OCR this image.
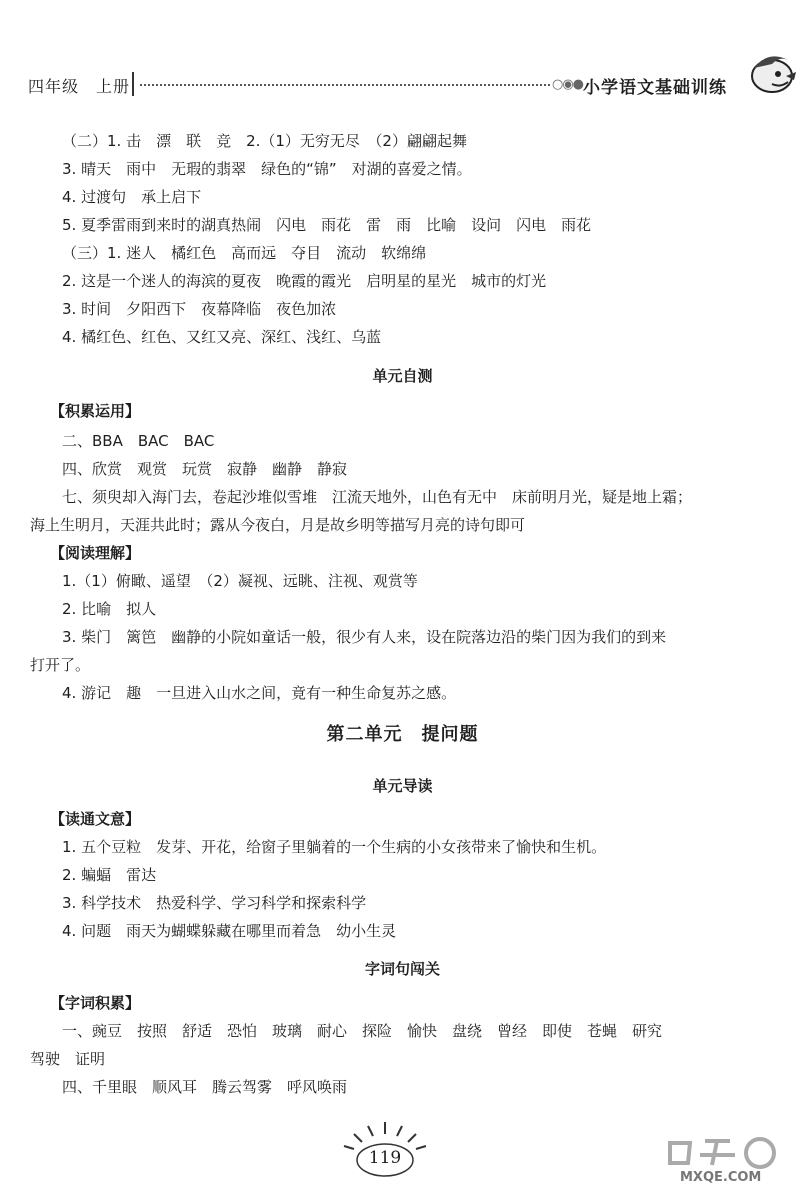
四年级　上册	○◉● 小学语文基础训练
（二）1. 击　漂　联　竞　2.（1）无穷无尽　（2）翩翩起舞
3. 晴天　雨中　无瑕的翡翠　绿色的“锦”　对湖的喜爱之情。
4. 过渡句　承上启下
5. 夏季雷雨到来时的湖真热闹　闪电　雨花　雷　雨　比喻　设问　闪电　雨花
（三）1. 迷人　橘红色　高而远　夺目　流动　软绵绵
2. 这是一个迷人的海滨的夏夜　晚霞的霞光　启明星的星光　城市的灯光
3. 时间　夕阳西下　夜幕降临　夜色加浓
4. 橘红色、红色、又红又亮、深红、浅红、乌蓝
单元自测
【积累运用】
二、BBA　BAC　BAC
四、欣赏　观赏　玩赏　寂静　幽静　静寂
七、须臾却入海门去，卷起沙堆似雪堆　江流天地外，山色有无中　床前明月光，疑是地上霜；
海上生明月，天涯共此时；露从今夜白，月是故乡明等描写月亮的诗句即可
【阅读理解】
1.（1）俯瞰、遥望　（2）凝视、远眺、注视、观赏等
2. 比喻　拟人
3. 柴门　篱笆　幽静的小院如童话一般，很少有人来，设在院落边沿的柴门因为我们的到来
打开了。
4. 游记　趣　一旦进入山水之间，竟有一种生命复苏之感。
第二单元　提问题
单元导读
【读通文意】
1. 五个豆粒　发芽、开花，给窗子里躺着的一个生病的小女孩带来了愉快和生机。
2. 蝙蝠　雷达
3. 科学技术　热爱科学、学习科学和探索科学
4. 问题　雨天为蝴蝶躲藏在哪里而着急　幼小生灵
字词句闯关
【字词积累】
一、豌豆　按照　舒适　恐怕　玻璃　耐心　探险　愉快　盘绕　曾经　即使　苍蝇　研究
驾驶　证明
四、千里眼　顺风耳　腾云驾雾　呼风唤雨
119
MXQE.COM
